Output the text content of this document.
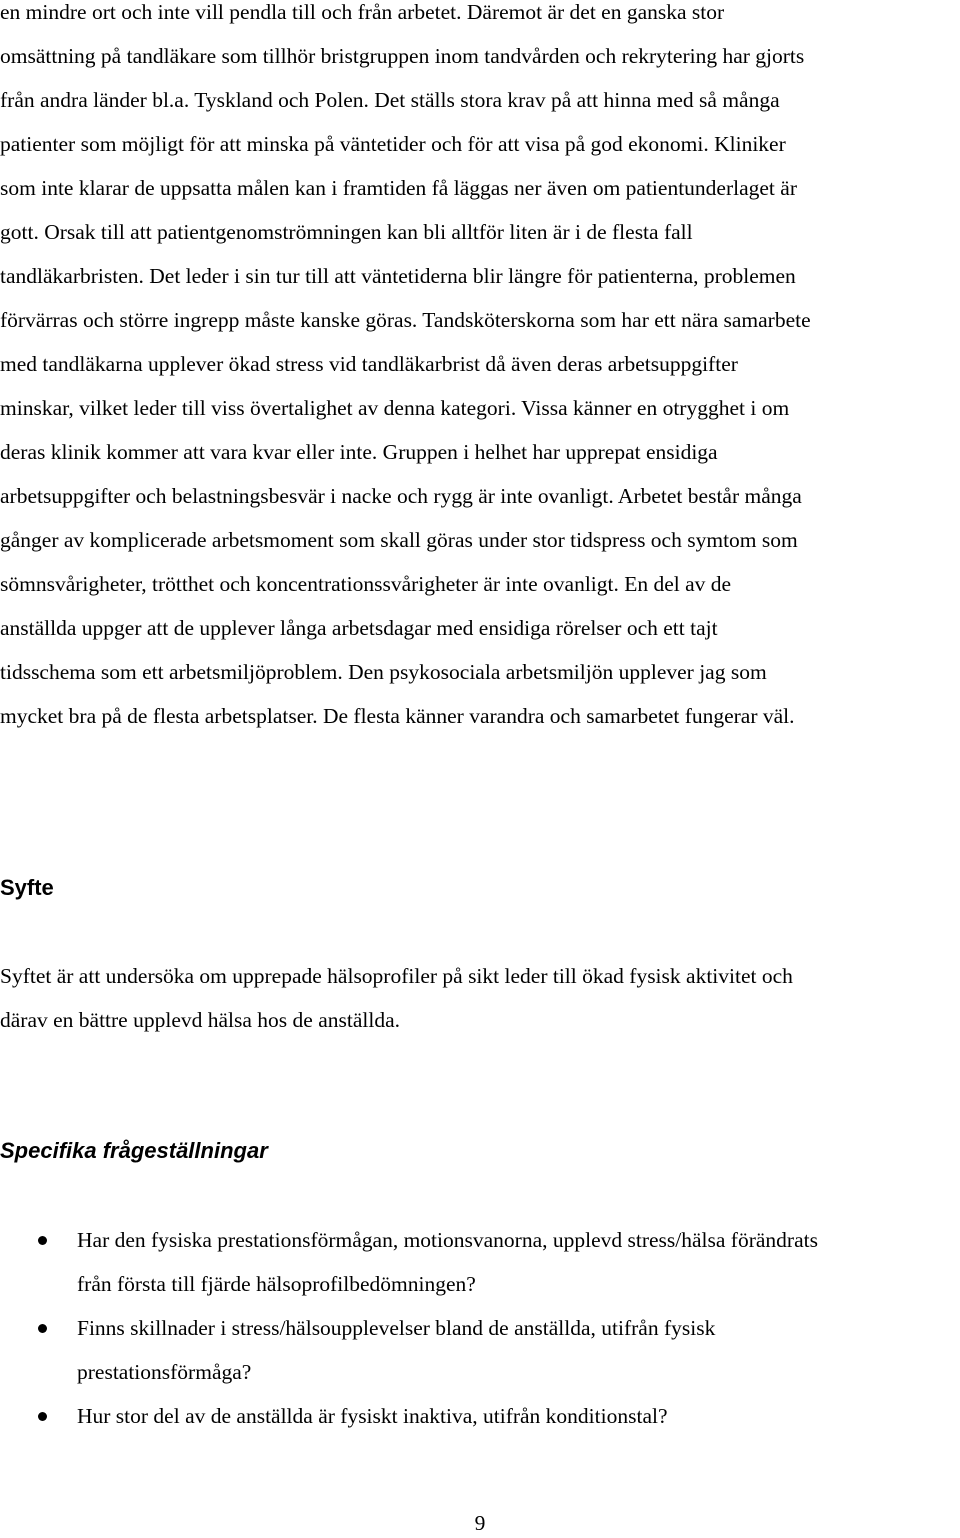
en mindre ort och inte vill pendla till och från arbetet. Däremot är det en ganska stor
omsättning på tandläkare som tillhör bristgruppen inom tandvården och rekrytering har gjorts
från andra länder bl.a. Tyskland och Polen. Det ställs stora krav på att hinna med så många
patienter som möjligt för att minska på väntetider och för att visa på god ekonomi. Kliniker
som inte klarar de uppsatta målen kan i framtiden få läggas ner även om patientunderlaget är
gott. Orsak till att patientgenomströmningen kan bli alltför liten är i de flesta fall
tandläkarbristen. Det leder i sin tur till att väntetiderna blir längre för patienterna, problemen
förvärras och större ingrepp måste kanske göras. Tandsköterskorna som har ett nära samarbete
med tandläkarna upplever ökad stress vid tandläkarbrist då även deras arbetsuppgifter
minskar, vilket leder till viss övertalighet av denna kategori. Vissa känner en otrygghet i om
deras klinik kommer att vara kvar eller inte. Gruppen i helhet har upprepat ensidiga
arbetsuppgifter och belastningsbesvär i nacke och rygg är inte ovanligt. Arbetet består många
gånger av komplicerade arbetsmoment som skall göras under stor tidspress och symtom som
sömnsvårigheter, trötthet och koncentrationssvårigheter är inte ovanligt. En del av de
anställda uppger att de upplever långa arbetsdagar med ensidiga rörelser och ett tajt
tidsschema som ett arbetsmiljöproblem. Den psykosociala arbetsmiljön upplever jag som
mycket bra på de flesta arbetsplatser. De flesta känner varandra och samarbetet fungerar väl.
Syfte
Syftet är att undersöka om upprepade hälsoprofiler på sikt leder till ökad fysisk aktivitet och
därav en bättre upplevd hälsa hos de anställda.
Specifika frågeställningar
Har den fysiska prestationsförmågan, motionsvanorna, upplevd stress/hälsa förändrats
från första till fjärde hälsoprofilbedömningen?
Finns skillnader i stress/hälsoupplevelser bland de anställda, utifrån fysisk
prestationsförmåga?
Hur stor del av de anställda är fysiskt inaktiva, utifrån konditionstal?
9
